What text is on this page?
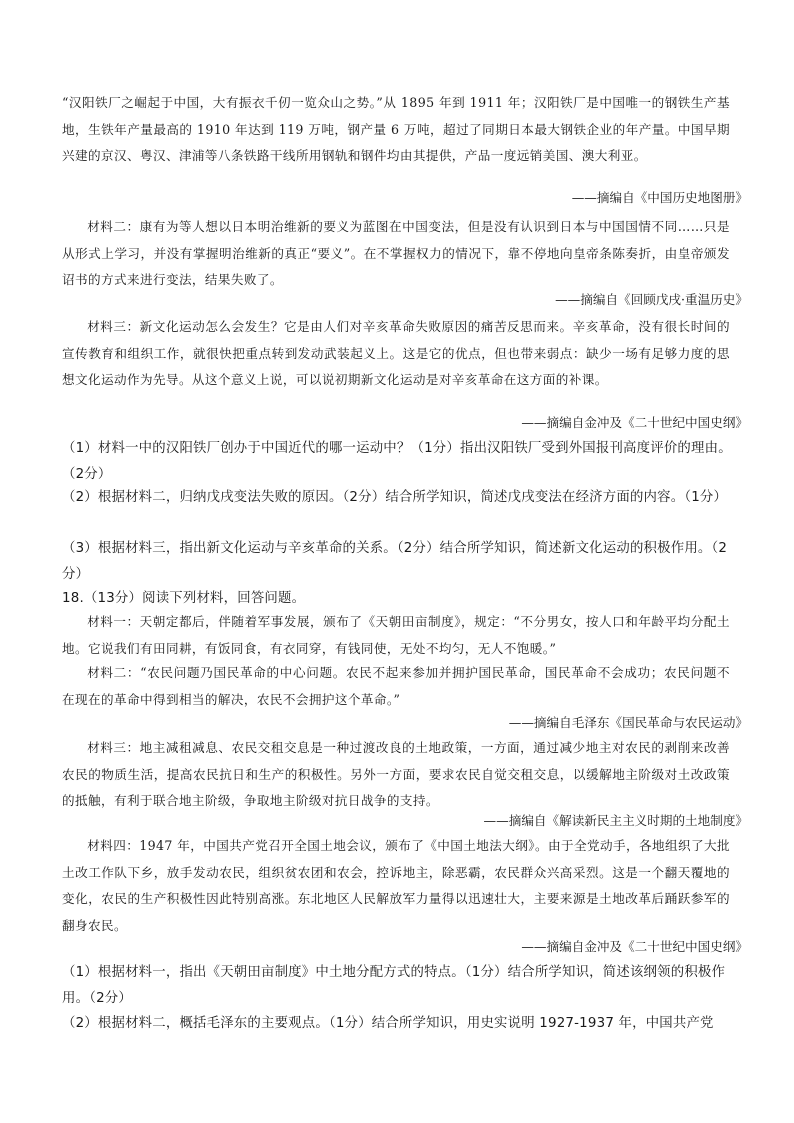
“汉阳铁厂之崛起于中国，大有振衣千仞一览众山之势。”从 1895 年到 1911 年；汉阳铁厂是中国唯一的钢铁生产基地，生铁年产量最高的 1910 年达到 119 万吨，钢产量 6 万吨，超过了同期日本最大钢铁企业的年产量。中国早期兴建的京汉、粤汉、津浦等八条铁路干线所用钢轨和钢件均由其提供，产品一度远销美国、澳大利亚。
——摘编自《中国历史地图册》
材料二：康有为等人想以日本明治维新的要义为蓝图在中国变法，但是没有认识到日本与中国国情不同……只是从形式上学习，并没有掌握明治维新的真正“要义”。在不掌握权力的情况下，靠不停地向皇帝条陈奏折，由皇帝颁发诏书的方式来进行变法，结果失败了。
——摘编自《回顾戊戌·重温历史》
材料三：新文化运动怎么会发生？它是由人们对辛亥革命失败原因的痛苦反思而来。辛亥革命，没有很长时间的宣传教育和组织工作，就很快把重点转到发动武装起义上。这是它的优点，但也带来弱点：缺少一场有足够力度的思想文化运动作为先导。从这个意义上说，可以说初期新文化运动是对辛亥革命在这方面的补课。
——摘编自金冲及《二十世纪中国史纲》
（1）材料一中的汉阳铁厂创办于中国近代的哪一运动中？（1分）指出汉阳铁厂受到外国报刊高度评价的理由。（2分）
（2）根据材料二，归纳戊戌变法失败的原因。（2分）结合所学知识，简述戊戌变法在经济方面的内容。（1分）
（3）根据材料三，指出新文化运动与辛亥革命的关系。（2分）结合所学知识，简述新文化运动的积极作用。（2分）
18.（13分）阅读下列材料，回答问题。
材料一：天朝定都后，伴随着军事发展，颁布了《天朝田亩制度》，规定：“不分男女，按人口和年龄平均分配土地。它说我们有田同耕，有饭同食，有衣同穿，有钱同使，无处不均匀，无人不饱暖。”
材料二：“农民问题乃国民革命的中心问题。农民不起来参加并拥护国民革命，国民革命不会成功；农民问题不在现在的革命中得到相当的解决，农民不会拥护这个革命。”
——摘编自毛泽东《国民革命与农民运动》
材料三：地主减租减息、农民交租交息是一种过渡改良的土地政策，一方面，通过减少地主对农民的剥削来改善农民的物质生活，提高农民抗日和生产的积极性。另外一方面，要求农民自觉交租交息，以缓解地主阶级对土改政策的抵触，有利于联合地主阶级，争取地主阶级对抗日战争的支持。
——摘编自《解读新民主主义时期的土地制度》
材料四：1947 年，中国共产党召开全国土地会议，颁布了《中国土地法大纲》。由于全党动手，各地组织了大批土改工作队下乡，放手发动农民，组织贫农团和农会，控诉地主，除恶霸，农民群众兴高采烈。这是一个翻天覆地的变化，农民的生产积极性因此特别高涨。东北地区人民解放军力量得以迅速壮大，主要来源是土地改革后踊跃参军的翻身农民。
——摘编自金冲及《二十世纪中国史纲》
（1）根据材料一，指出《天朝田亩制度》中土地分配方式的特点。（1分）结合所学知识，简述该纲领的积极作用。（2分）
（2）根据材料二，概括毛泽东的主要观点。（1分）结合所学知识，用史实说明 1927-1937 年，中国共产党
